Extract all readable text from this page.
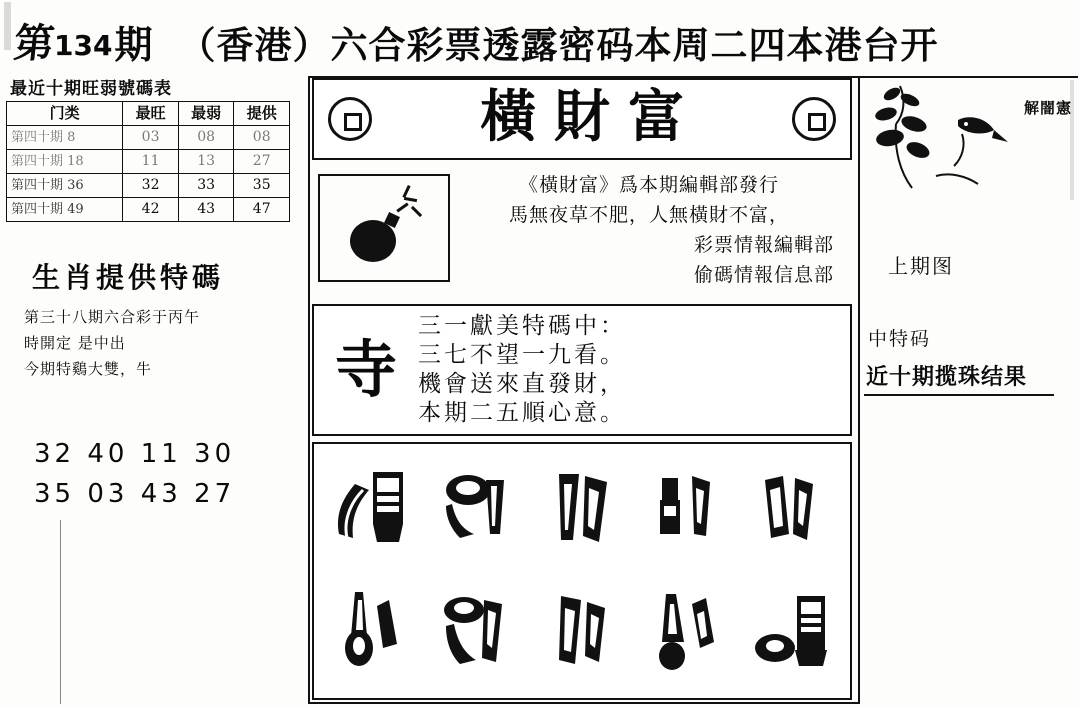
第 134 期 （香港）六合彩票透露密码本周二四本港台开
最近十期旺弱號碼表
门类	最旺	最弱	提供
第四十期 8	03	08	08
第四十期 18	11	13	27
第四十期 36	32	33	35
第四十期 49	42	43	47
生肖提供特碼
第三十八期六合彩于丙午
時開定 是中出
今期特鷄大雙，牛
32 40 11 30
35 03 43 27
橫財富
《橫財富》爲本期編輯部發行
馬無夜草不肥，人無橫財不富，
彩票情報編輯部
偷碼情報信息部
寺
三一獻美特碼中：
三七不望一九看。
機會送來直發財，
本期二五順心意。
解闇憲
上期图
中特码
近十期揽珠结果
